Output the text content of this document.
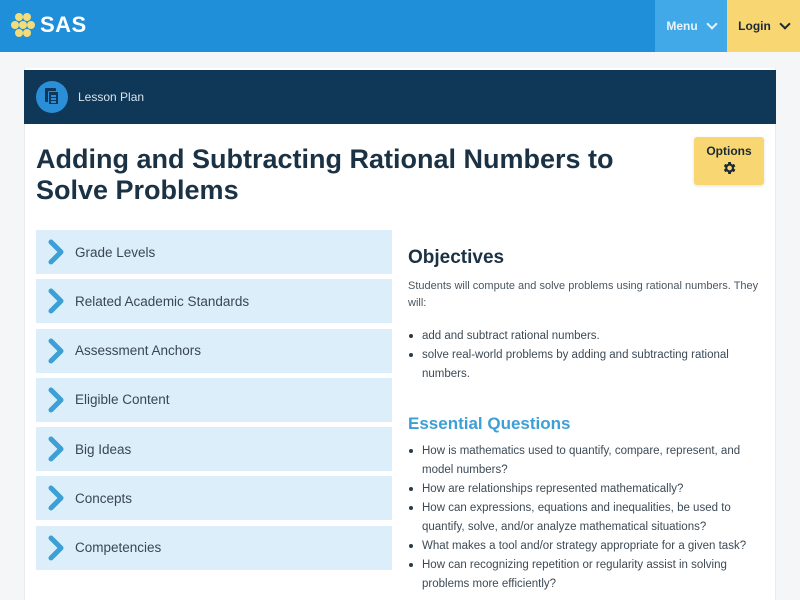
SAS	Menu	Login
Lesson Plan
Adding and Subtracting Rational Numbers to Solve Problems
Options
Grade Levels
Related Academic Standards
Assessment Anchors
Eligible Content
Big Ideas
Concepts
Competencies
Objectives

Students will compute and solve problems using rational numbers. They will:

add and subtract rational numbers.
solve real-world problems by adding and subtracting rational numbers.
Essential Questions
How is mathematics used to quantify, compare, represent, and model numbers?
How are relationships represented mathematically?
How can expressions, equations and inequalities, be used to quantify, solve, and/or analyze mathematical situations?
What makes a tool and/or strategy appropriate for a given task?
How can recognizing repetition or regularity assist in solving problems more efficiently?
